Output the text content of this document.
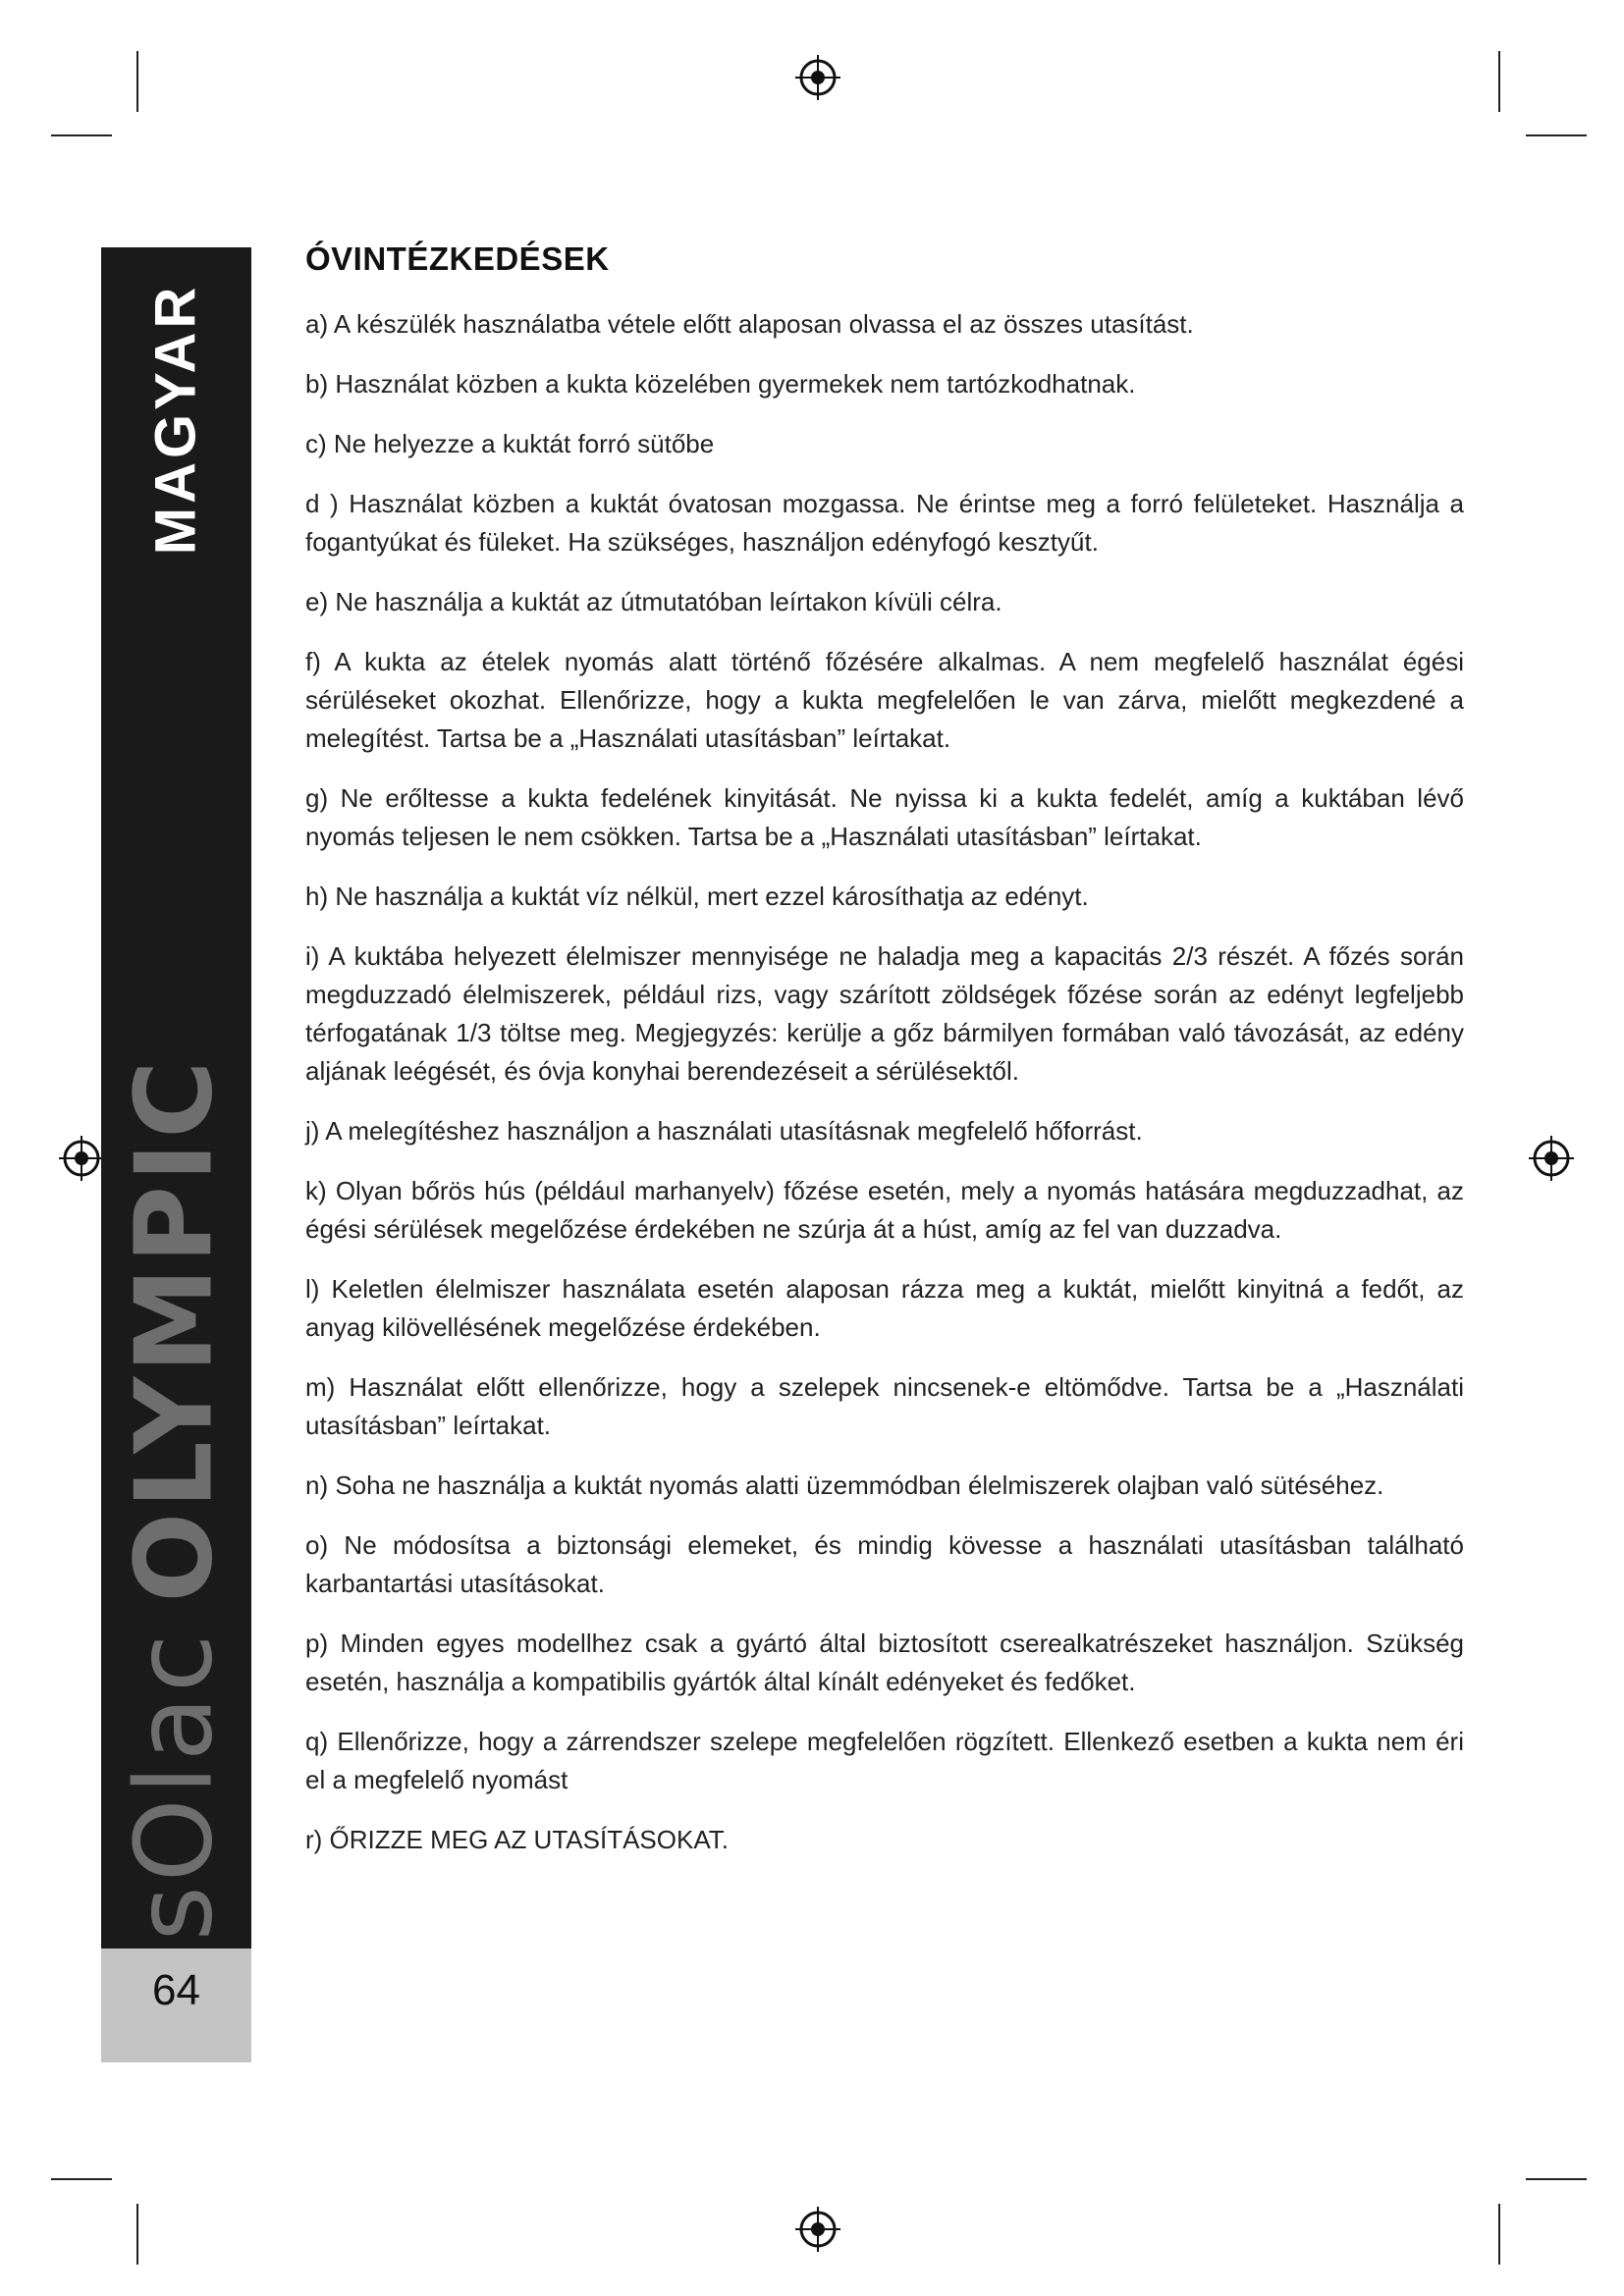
MAGYAR
sOlacOLYMPIC
64
ÓVINTÉZKEDÉSEK
a) A készülék használatba vétele előtt alaposan olvassa el az összes utasítást.
b) Használat közben a kukta közelében gyermekek nem tartózkodhatnak.
c) Ne helyezze a kuktát forró sütőbe
d ) Használat közben a kuktát óvatosan mozgassa. Ne érintse meg a forró felületeket. Használja a fogantyúkat és füleket. Ha szükséges, használjon edényfogó kesztyűt.
e) Ne használja a kuktát az útmutatóban leírtakon kívüli célra.
f) A kukta az ételek nyomás alatt történő főzésére alkalmas. A nem megfelelő használat égési sérüléseket okozhat. Ellenőrizze, hogy a kukta megfelelően le van zárva, mielőtt megkezdené a melegítést. Tartsa be a „Használati utasításban” leírtakat.
g) Ne erőltesse a kukta fedelének kinyitását. Ne nyissa ki a kukta fedelét, amíg a kuktában lévő nyomás teljesen le nem csökken. Tartsa be a „Használati utasításban” leírtakat.
h) Ne használja a kuktát víz nélkül, mert ezzel károsíthatja az edényt.
i) A kuktába helyezett élelmiszer mennyisége ne haladja meg a kapacitás 2/3 részét. A főzés során megduzzadó élelmiszerek, például rizs, vagy szárított zöldségek főzése során az edényt legfeljebb térfogatának 1/3 töltse meg. Megjegyzés: kerülje a gőz bármilyen formában való távozását, az edény aljának leégését, és óvja konyhai berendezéseit a sérülésektől.
j) A melegítéshez használjon a használati utasításnak megfelelő hőforrást.
k) Olyan bőrös hús (például marhanyelv) főzése esetén, mely a nyomás hatására megduzzadhat, az égési sérülések megelőzése érdekében ne szúrja át a húst, amíg az fel van duzzadva.
l) Keletlen élelmiszer használata esetén alaposan rázza meg a kuktát, mielőtt kinyitná a fedőt, az anyag kilövellésének megelőzése érdekében.
m) Használat előtt ellenőrizze, hogy a szelepek nincsenek-e eltömődve. Tartsa be a „Használati utasításban” leírtakat.
n) Soha ne használja a kuktát nyomás alatti üzemmódban élelmiszerek olajban való sütéséhez.
o) Ne módosítsa a biztonsági elemeket, és mindig kövesse a használati utasításban található karbantartási utasításokat.
p) Minden egyes modellhez csak a gyártó által biztosított cserealkatrészeket használjon. Szükség esetén, használja a kompatibilis gyártók által kínált edényeket és fedőket.
q) Ellenőrizze, hogy a zárrendszer szelepe megfelelően rögzített. Ellenkező esetben a kukta nem éri el a megfelelő nyomást
r) ŐRIZZE MEG AZ UTASÍTÁSOKAT.
